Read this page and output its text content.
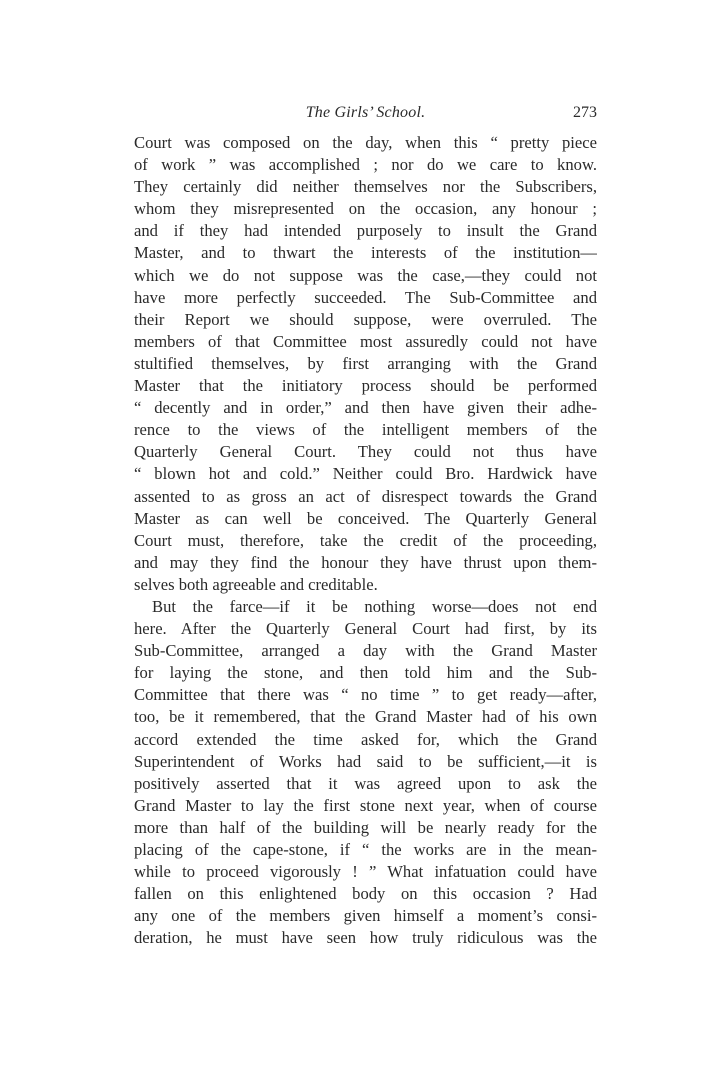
The Girls’ School.	273
Court was composed on the day, when this “ pretty piece
of work ” was accomplished ; nor do we care to know.
They certainly did neither themselves nor the Subscribers,
whom they misrepresented on the occasion, any honour ;
and if they had intended purposely to insult the Grand
Master, and to thwart the interests of the institution—
which we do not suppose was the case,—they could not
have more perfectly succeeded. The Sub-Committee and
their Report we should suppose, were overruled. The
members of that Committee most assuredly could not have
stultified themselves, by first arranging with the Grand
Master that the initiatory process should be performed
“ decently and in order,” and then have given their adhe-
rence to the views of the intelligent members of the
Quarterly General Court. They could not thus have
“ blown hot and cold.” Neither could Bro. Hardwick have
assented to as gross an act of disrespect towards the Grand
Master as can well be conceived. The Quarterly General
Court must, therefore, take the credit of the proceeding,
and may they find the honour they have thrust upon them-
selves both agreeable and creditable.
But the farce—if it be nothing worse—does not end
here. After the Quarterly General Court had first, by its
Sub-Committee, arranged a day with the Grand Master
for laying the stone, and then told him and the Sub-
Committee that there was “ no time ” to get ready—after,
too, be it remembered, that the Grand Master had of his own
accord extended the time asked for, which the Grand
Superintendent of Works had said to be sufficient,—it is
positively asserted that it was agreed upon to ask the
Grand Master to lay the first stone next year, when of course
more than half of the building will be nearly ready for the
placing of the cape-stone, if “ the works are in the mean-
while to proceed vigorously ! ” What infatuation could have
fallen on this enlightened body on this occasion ? Had
any one of the members given himself a moment’s consi-
deration, he must have seen how truly ridiculous was the
